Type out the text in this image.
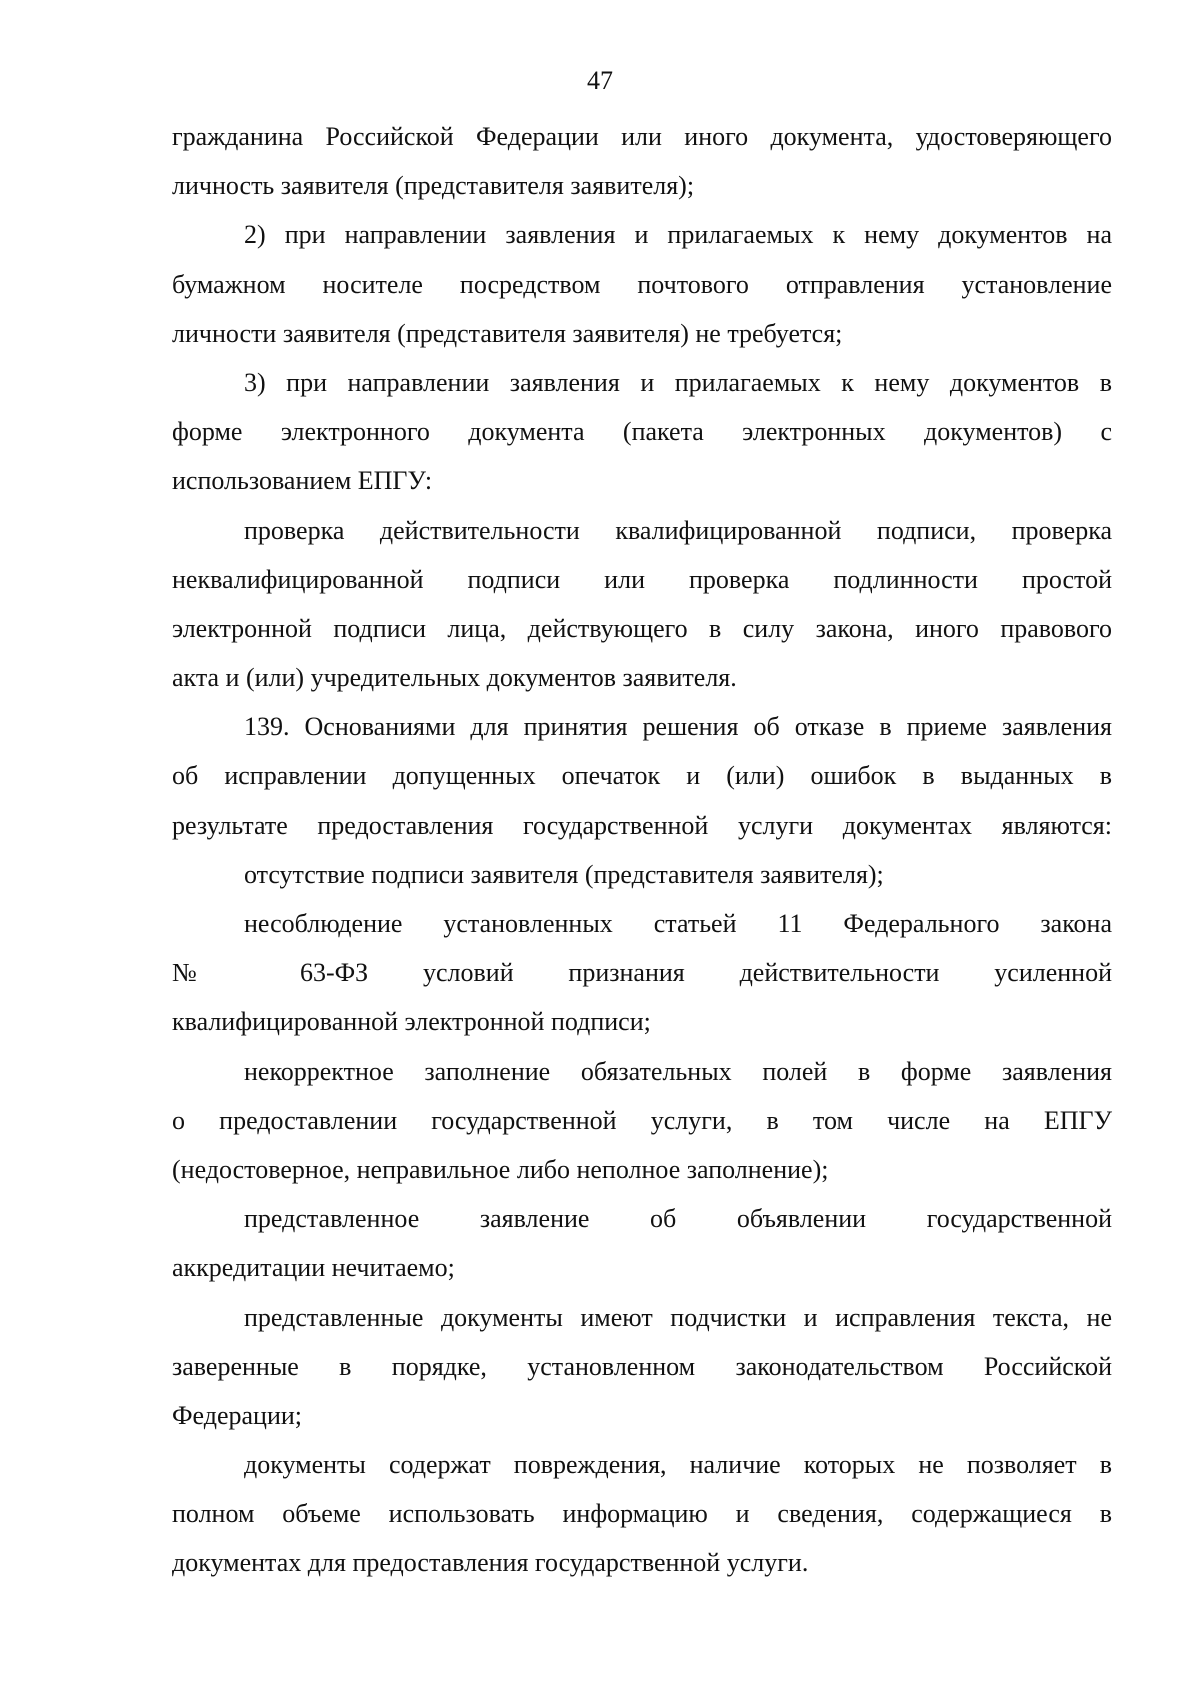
47
гражданина Российской Федерации или иного документа, удостоверяющего
личность заявителя (представителя заявителя);
2) при направлении заявления и прилагаемых к нему документов на
бумажном носителе посредством почтового отправления установление
личности заявителя (представителя заявителя) не требуется;
3) при направлении заявления и прилагаемых к нему документов в
форме электронного документа (пакета электронных документов) с
использованием ЕПГУ:
проверка действительности квалифицированной подписи, проверка
неквалифицированной подписи или проверка подлинности простой
электронной подписи лица, действующего в силу закона, иного правового
акта и (или) учредительных документов заявителя.
139. Основаниями для принятия решения об отказе в приеме заявления
об исправлении допущенных опечаток и (или) ошибок в выданных в
результате предоставления государственной услуги документах являются:
отсутствие подписи заявителя (представителя заявителя);
несоблюдение установленных статьей 11 Федерального закона
№ 63-ФЗ условий признания действительности усиленной
квалифицированной электронной подписи;
некорректное заполнение обязательных полей в форме заявления
о предоставлении государственной услуги, в том числе на ЕПГУ
(недостоверное, неправильное либо неполное заполнение);
представленное заявление об объявлении государственной
аккредитации нечитаемо;
представленные документы имеют подчистки и исправления текста, не
заверенные в порядке, установленном законодательством Российской
Федерации;
документы содержат повреждения, наличие которых не позволяет в
полном объеме использовать информацию и сведения, содержащиеся в
документах для предоставления государственной услуги.
